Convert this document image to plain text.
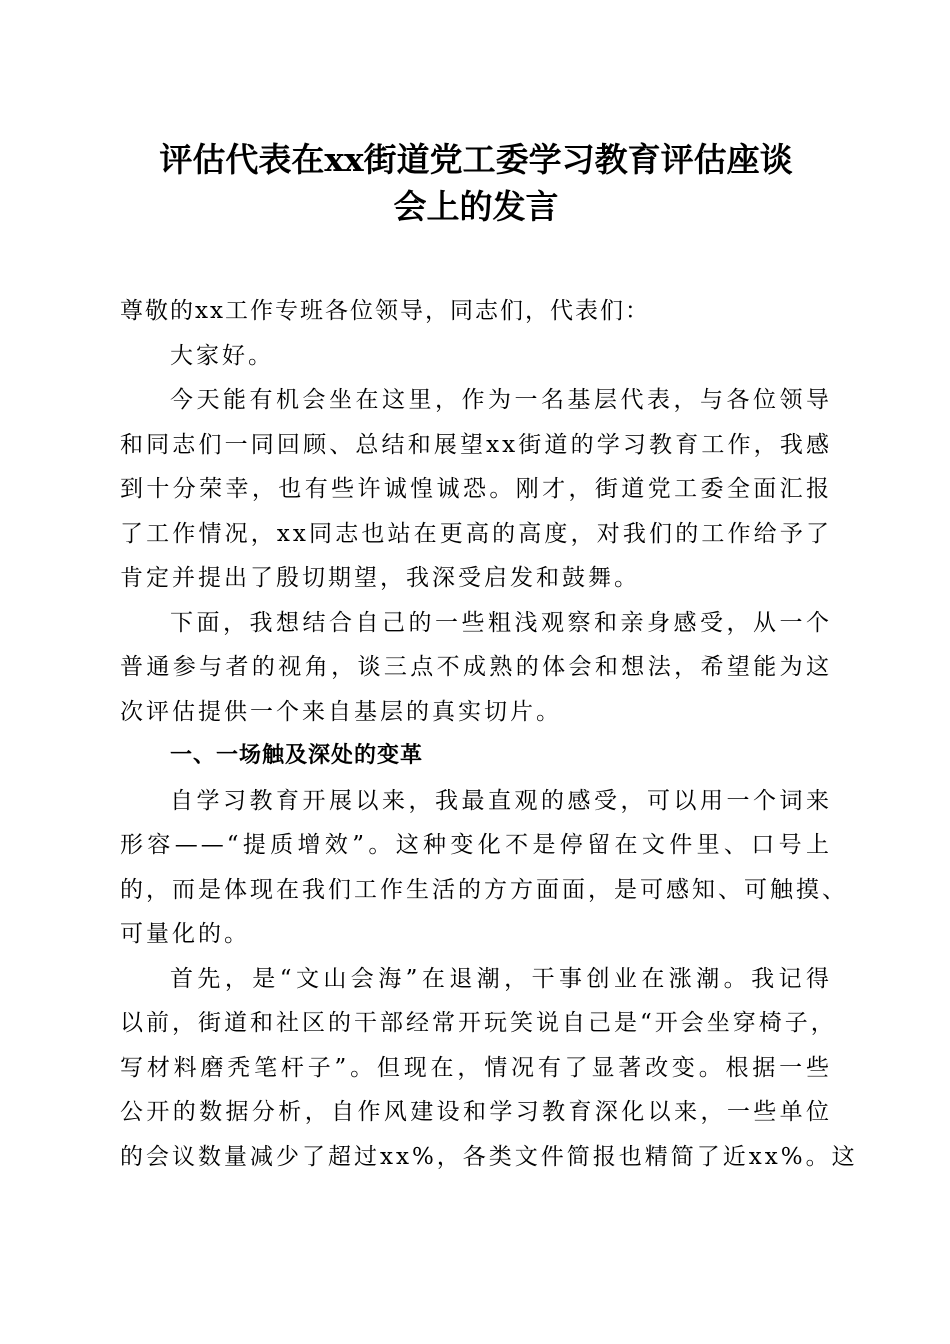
评估代表在xx街道党工委学习教育评估座谈
会上的发言

尊敬的xx工作专班各位领导，同志们，代表们：

大家好。
今天能有机会坐在这里，作为一名基层代表，与各位领导
和同志们一同回顾、总结和展望xx街道的学习教育工作，我感
到十分荣幸，也有些许诚惶诚恐。刚才，街道党工委全面汇报
了工作情况，xx同志也站在更高的高度，对我们的工作给予了
肯定并提出了殷切期望，我深受启发和鼓舞。
下面，我想结合自己的一些粗浅观察和亲身感受，从一个
普通参与者的视角，谈三点不成熟的体会和想法，希望能为这
次评估提供一个来自基层的真实切片。
一、一场触及深处的变革
自学习教育开展以来，我最直观的感受，可以用一个词来
形容——“提质增效”。这种变化不是停留在文件里、口号上
的，而是体现在我们工作生活的方方面面，是可感知、可触摸、
可量化的。
首先，是“文山会海”在退潮，干事创业在涨潮。我记得
以前，街道和社区的干部经常开玩笑说自己是“开会坐穿椅子，
写材料磨秃笔杆子”。但现在，情况有了显著改变。根据一些
公开的数据分析，自作风建设和学习教育深化以来，一些单位
的会议数量减少了超过xx%，各类文件简报也精简了近xx%。这
